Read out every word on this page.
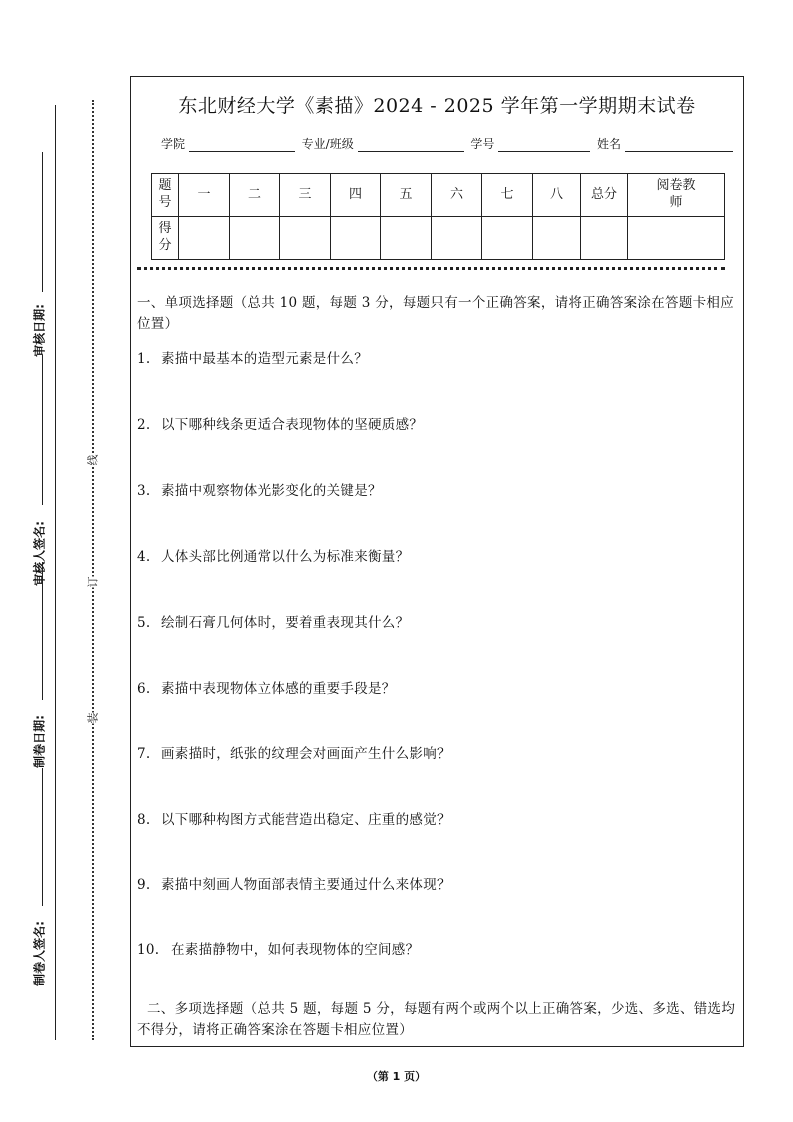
审核日期:
审核人签名:
制卷日期:
制卷人签名:
线
订
装
东北财经大学《素描》2024 - 2025 学年第一学期期末试卷
学院	专业/班级	学号	姓名
题号	一	二	三	四	五	六	七	八	总分	阅卷教师
得分										
一、单项选择题（总共 10 题，每题 3 分，每题只有一个正确答案，请将正确答案涂在答题卡相应位置）
1. 素描中最基本的造型元素是什么？
2. 以下哪种线条更适合表现物体的坚硬质感？
3. 素描中观察物体光影变化的关键是？
4. 人体头部比例通常以什么为标准来衡量？
5. 绘制石膏几何体时，要着重表现其什么？
6. 素描中表现物体立体感的重要手段是？
7. 画素描时，纸张的纹理会对画面产生什么影响？
8. 以下哪种构图方式能营造出稳定、庄重的感觉？
9. 素描中刻画人物面部表情主要通过什么来体现？
10. 在素描静物中，如何表现物体的空间感？
二、多项选择题（总共 5 题，每题 5 分，每题有两个或两个以上正确答案，少选、多选、错选均不得分，请将正确答案涂在答题卡相应位置）
（第 1 页）
